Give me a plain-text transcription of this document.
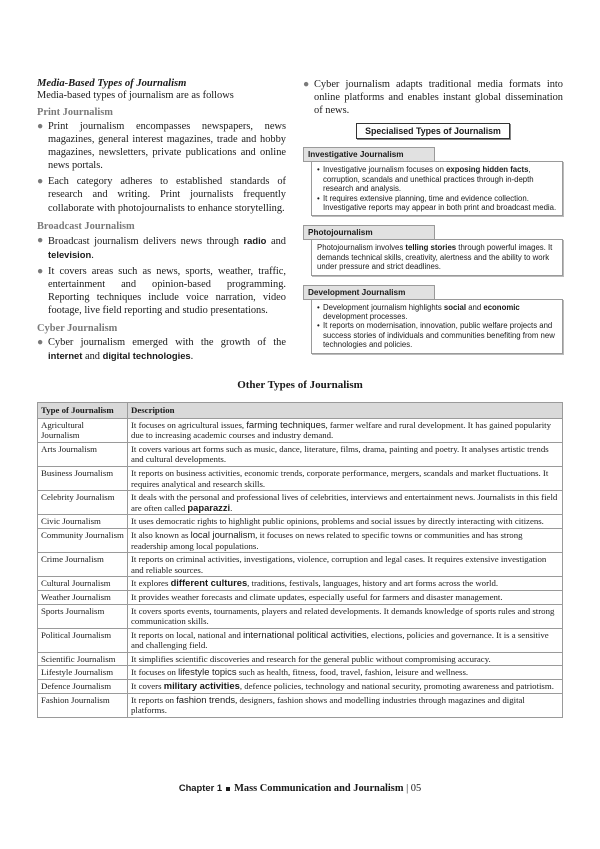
Media-Based Types of Journalism
Media-based types of journalism are as follows
Print Journalism
● Print journalism encompasses newspapers, news magazines, general interest magazines, trade and hobby magazines, newsletters, private publications and online news portals.
● Each category adheres to established standards of research and writing. Print journalists frequently collaborate with photojournalists to enhance storytelling.
Broadcast Journalism
● Broadcast journalism delivers news through radio and television.
● It covers areas such as news, sports, weather, traffic, entertainment and opinion-based programming. Reporting techniques include voice narration, video footage, live field reporting and studio presentations.
Cyber Journalism
● Cyber journalism emerged with the growth of the internet and digital technologies.
● Cyber journalism adapts traditional media formats into online platforms and enables instant global dissemination of news.
Specialised Types of Journalism
Investigative Journalism
• Investigative journalism focuses on exposing hidden facts, corruption, scandals and unethical practices through in-depth research and analysis.
• It requires extensive planning, time and evidence collection. Investigative reports may appear in both print and broadcast media.
Photojournalism
Photojournalism involves telling stories through powerful images. It demands technical skills, creativity, alertness and the ability to work under pressure and strict deadlines.
Development Journalism
• Development journalism highlights social and economic development processes.
• It reports on modernisation, innovation, public welfare projects and success stories of individuals and communities benefiting from new technologies and policies.
Other Types of Journalism
Type of Journalism	Description
Agricultural Journalism	It focuses on agricultural issues, farming techniques, farmer welfare and rural development. It has gained popularity due to increasing academic courses and industry demand.
Arts Journalism	It covers various art forms such as music, dance, literature, films, drama, painting and poetry. It analyses artistic trends and cultural developments.
Business Journalism	It reports on business activities, economic trends, corporate performance, mergers, scandals and market fluctuations. It requires analytical and research skills.
Celebrity Journalism	It deals with the personal and professional lives of celebrities, interviews and entertainment news. Journalists in this field are often called paparazzi.
Civic Journalism	It uses democratic rights to highlight public opinions, problems and social issues by directly interacting with citizens.
Community Journalism	It also known as local journalism, it focuses on news related to specific towns or communities and has strong readership among local populations.
Crime Journalism	It reports on criminal activities, investigations, violence, corruption and legal cases. It requires extensive investigation and reliable sources.
Cultural Journalism	It explores different cultures, traditions, festivals, languages, history and art forms across the world.
Weather Journalism	It provides weather forecasts and climate updates, especially useful for farmers and disaster management.
Sports Journalism	It covers sports events, tournaments, players and related developments. It demands knowledge of sports rules and strong communication skills.
Political Journalism	It reports on local, national and international political activities, elections, policies and governance. It is a sensitive and challenging field.
Scientific Journalism	It simplifies scientific discoveries and research for the general public without compromising accuracy.
Lifestyle Journalism	It focuses on lifestyle topics such as health, fitness, food, travel, fashion, leisure and wellness.
Defence Journalism	It covers military activities, defence policies, technology and national security, promoting awareness and patriotism.
Fashion Journalism	It reports on fashion trends, designers, fashion shows and modelling industries through magazines and digital platforms.
Chapter 1 Mass Communication and Journalism | 05
